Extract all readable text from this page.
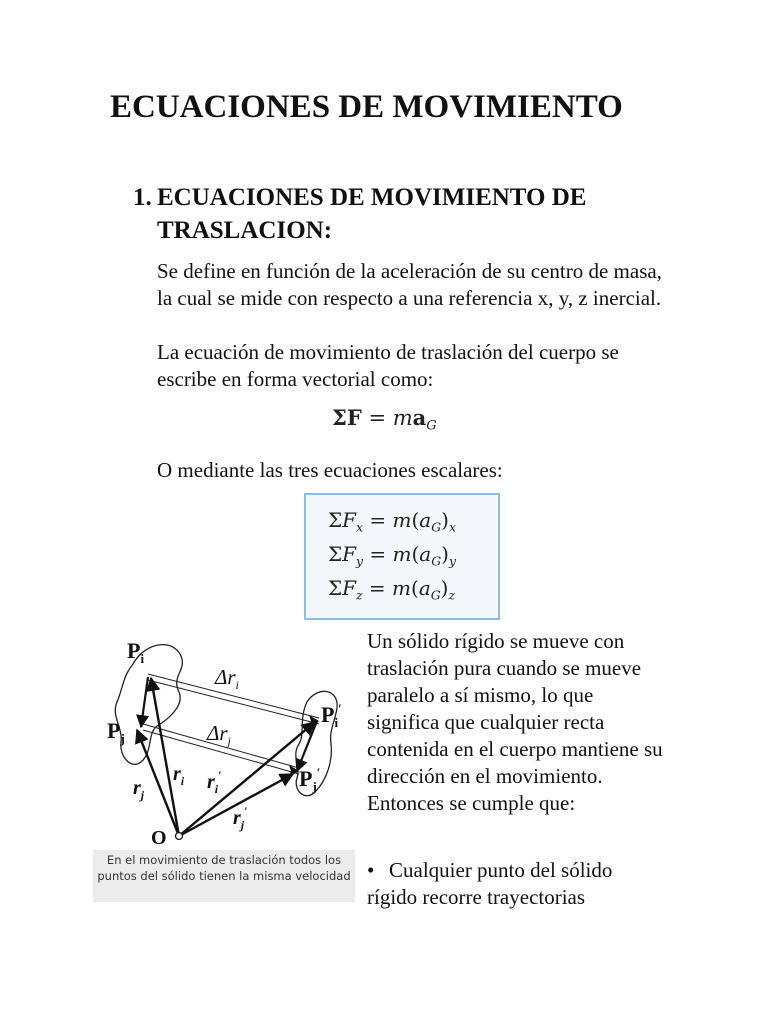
ECUACIONES DE MOVIMIENTO
1. ECUACIONES DE MOVIMIENTO DE TRASLACION:

Se define en función de la aceleración de su centro de masa, la cual se mide con respecto a una referencia x, y, z inercial.

La ecuación de movimiento de traslación del cuerpo se escribe en forma vectorial como:

$\Sigma F = ma_G$

O mediante las tres ecuaciones escalares:

$\Sigma F_x = m(a_G)_x$
$\Sigma F_y = m(a_G)_y$
$\Sigma F_z = m(a_G)_z$
$P_i$
$P_j$
$P_i'$
$P_j'$
$\Delta r_i$
$\Delta r_j$
$r_j$
$r_i$ $r_i'$
$r_j'$
O
En el movimiento de traslación todos los puntos del sólido tienen la misma velocidad

Un sólido rígido se mueve con traslación pura cuando se mueve paralelo a sí mismo, lo que significa que cualquier recta contenida en el cuerpo mantiene su dirección en el movimiento. Entonces se cumple que:

• Cualquier punto del sólido rígido recorre trayectorias
